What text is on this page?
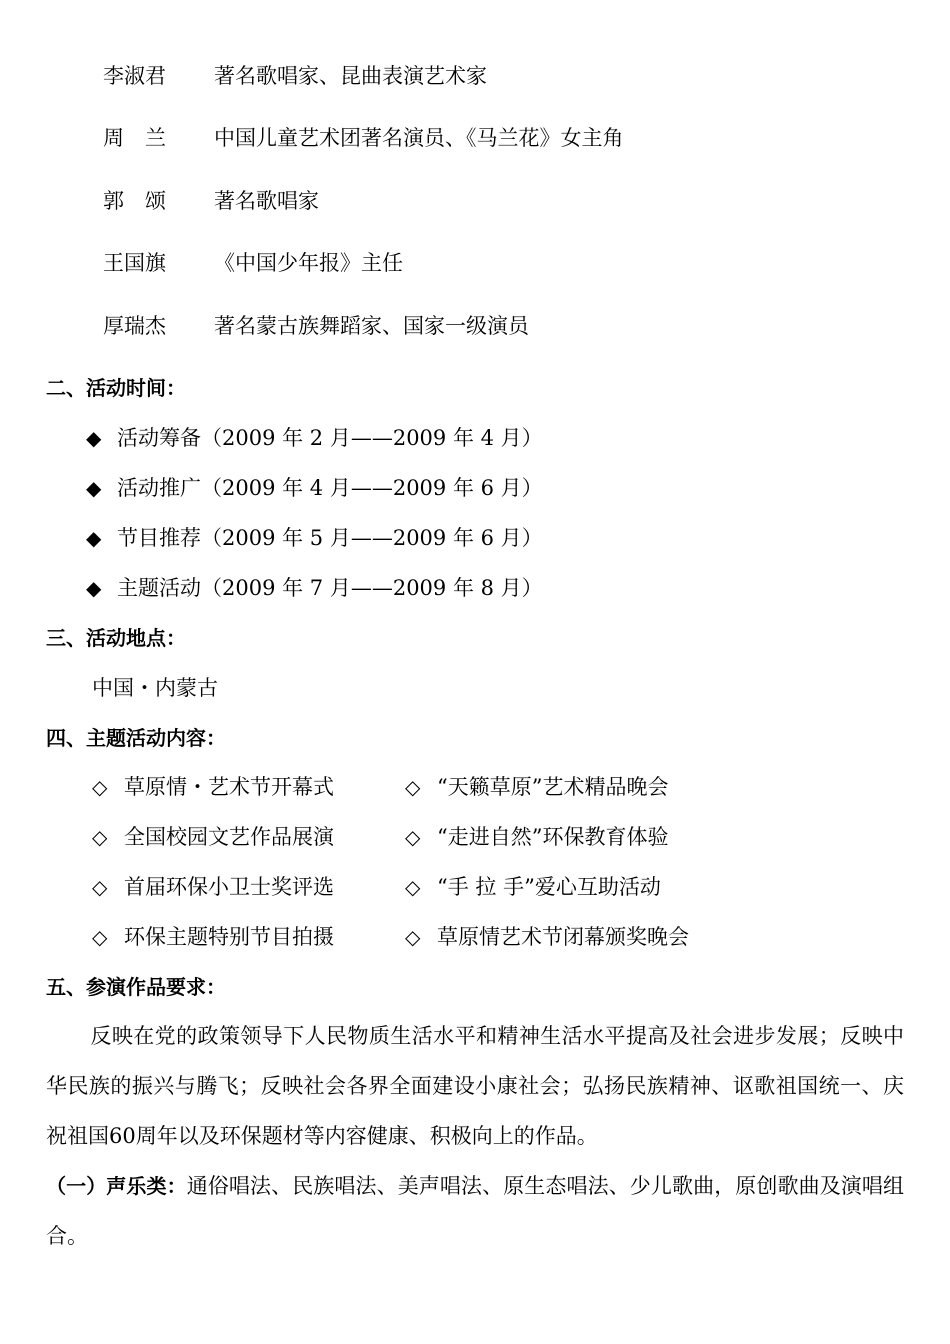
李淑君 著名歌唱家、昆曲表演艺术家
周　兰 中国儿童艺术团著名演员、《马兰花》女主角
郭　颂 著名歌唱家
王国旗 《中国少年报》主任
厚瑞杰 著名蒙古族舞蹈家、国家一级演员
二、活动时间：
◆ 活动筹备（2009 年 2 月——2009 年 4 月）
◆ 活动推广（2009 年 4 月——2009 年 6 月）
◆ 节目推荐（2009 年 5 月——2009 年 6 月）
◆ 主题活动（2009 年 7 月——2009 年 8 月）
三、活动地点：
中国・内蒙古
四、主题活动内容：
◇ 草原情・艺术节开幕式	◇ “天籁草原”艺术精品晚会
◇ 全国校园文艺作品展演	◇ “走进自然”环保教育体验
◇ 首届环保小卫士奖评选	◇ “手 拉 手”爱心互助活动
◇ 环保主题特别节目拍摄	◇ 草原情艺术节闭幕颁奖晚会
五、参演作品要求：
反映在党的政策领导下人民物质生活水平和精神生活水平提高及社会进步发展；反映中华民族的振兴与腾飞；反映社会各界全面建设小康社会；弘扬民族精神、讴歌祖国统一、庆祝祖国60周年以及环保题材等内容健康、积极向上的作品。
（一）声乐类：通俗唱法、民族唱法、美声唱法、原生态唱法、少儿歌曲，原创歌曲及演唱组合。
